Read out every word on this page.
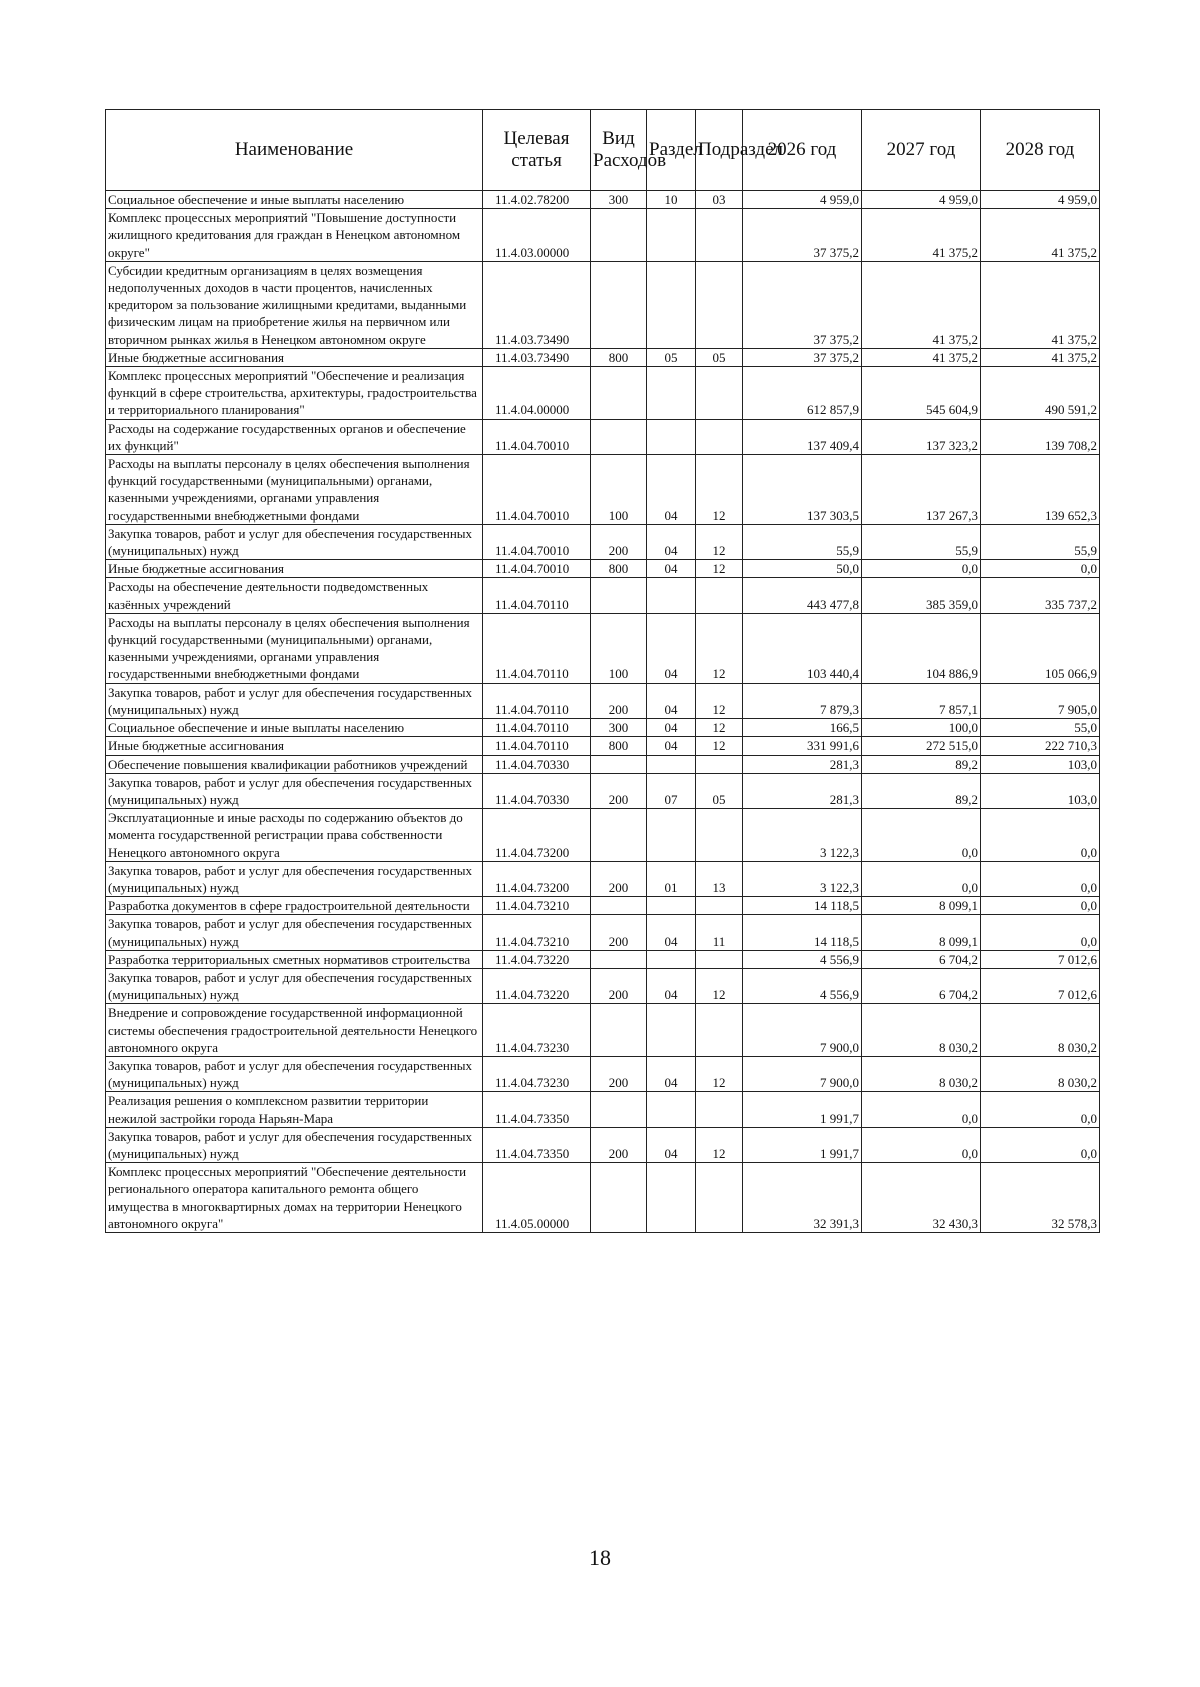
Наименование	Целевая статья	Вид Расходов	Раздел	Подраздел	2026 год	2027 год	2028 год
Социальное обеспечение и иные выплаты населению	11.4.02.78200	300	10	03	4 959,0	4 959,0	4 959,0
Комплекс процессных мероприятий "Повышение доступности жилищного кредитования для граждан в Ненецком автономном округе"	11.4.03.00000				37 375,2	41 375,2	41 375,2
Субсидии кредитным организациям в целях возмещения недополученных доходов в части процентов, начисленных кредитором за пользование жилищными кредитами, выданными физическим лицам на приобретение жилья на первичном или вторичном рынках жилья в Ненецком автономном округе	11.4.03.73490				37 375,2	41 375,2	41 375,2
Иные бюджетные ассигнования	11.4.03.73490	800	05	05	37 375,2	41 375,2	41 375,2
Комплекс процессных мероприятий "Обеспечение и реализация функций в сфере строительства, архитектуры, градостроительства и территориального планирования"	11.4.04.00000				612 857,9	545 604,9	490 591,2
Расходы на содержание государственных органов и обеспечение их функций"	11.4.04.70010				137 409,4	137 323,2	139 708,2
Расходы на выплаты персоналу в целях обеспечения выполнения функций государственными (муниципальными) органами, казенными учреждениями, органами управления государственными внебюджетными фондами	11.4.04.70010	100	04	12	137 303,5	137 267,3	139 652,3
Закупка товаров, работ и услуг для обеспечения государственных (муниципальных) нужд	11.4.04.70010	200	04	12	55,9	55,9	55,9
Иные бюджетные ассигнования	11.4.04.70010	800	04	12	50,0	0,0	0,0
Расходы на обеспечение деятельности подведомственных казённых учреждений	11.4.04.70110				443 477,8	385 359,0	335 737,2
Расходы на выплаты персоналу в целях обеспечения выполнения функций государственными (муниципальными) органами, казенными учреждениями, органами управления государственными внебюджетными фондами	11.4.04.70110	100	04	12	103 440,4	104 886,9	105 066,9
Закупка товаров, работ и услуг для обеспечения государственных (муниципальных) нужд	11.4.04.70110	200	04	12	7 879,3	7 857,1	7 905,0
Социальное обеспечение и иные выплаты населению	11.4.04.70110	300	04	12	166,5	100,0	55,0
Иные бюджетные ассигнования	11.4.04.70110	800	04	12	331 991,6	272 515,0	222 710,3
Обеспечение повышения квалификации работников учреждений	11.4.04.70330				281,3	89,2	103,0
Закупка товаров, работ и услуг для обеспечения государственных (муниципальных) нужд	11.4.04.70330	200	07	05	281,3	89,2	103,0
Эксплуатационные и иные расходы по содержанию объектов до момента государственной регистрации права собственности Ненецкого автономного округа	11.4.04.73200				3 122,3	0,0	0,0
Закупка товаров, работ и услуг для обеспечения государственных (муниципальных) нужд	11.4.04.73200	200	01	13	3 122,3	0,0	0,0
Разработка документов в сфере градостроительной деятельности	11.4.04.73210				14 118,5	8 099,1	0,0
Закупка товаров, работ и услуг для обеспечения государственных (муниципальных) нужд	11.4.04.73210	200	04	11	14 118,5	8 099,1	0,0
Разработка территориальных сметных нормативов строительства	11.4.04.73220				4 556,9	6 704,2	7 012,6
Закупка товаров, работ и услуг для обеспечения государственных (муниципальных) нужд	11.4.04.73220	200	04	12	4 556,9	6 704,2	7 012,6
Внедрение и сопровождение государственной информационной системы обеспечения градостроительной деятельности Ненецкого автономного округа	11.4.04.73230				7 900,0	8 030,2	8 030,2
Закупка товаров, работ и услуг для обеспечения государственных (муниципальных) нужд	11.4.04.73230	200	04	12	7 900,0	8 030,2	8 030,2
Реализация решения о комплексном развитии территории нежилой застройки города Нарьян-Мара	11.4.04.73350				1 991,7	0,0	0,0
Закупка товаров, работ и услуг для обеспечения государственных (муниципальных) нужд	11.4.04.73350	200	04	12	1 991,7	0,0	0,0
Комплекс процессных мероприятий "Обеспечение деятельности регионального оператора капитального ремонта общего имущества в многоквартирных домах на территории Ненецкого автономного округа"	11.4.05.00000				32 391,3	32 430,3	32 578,3
18
